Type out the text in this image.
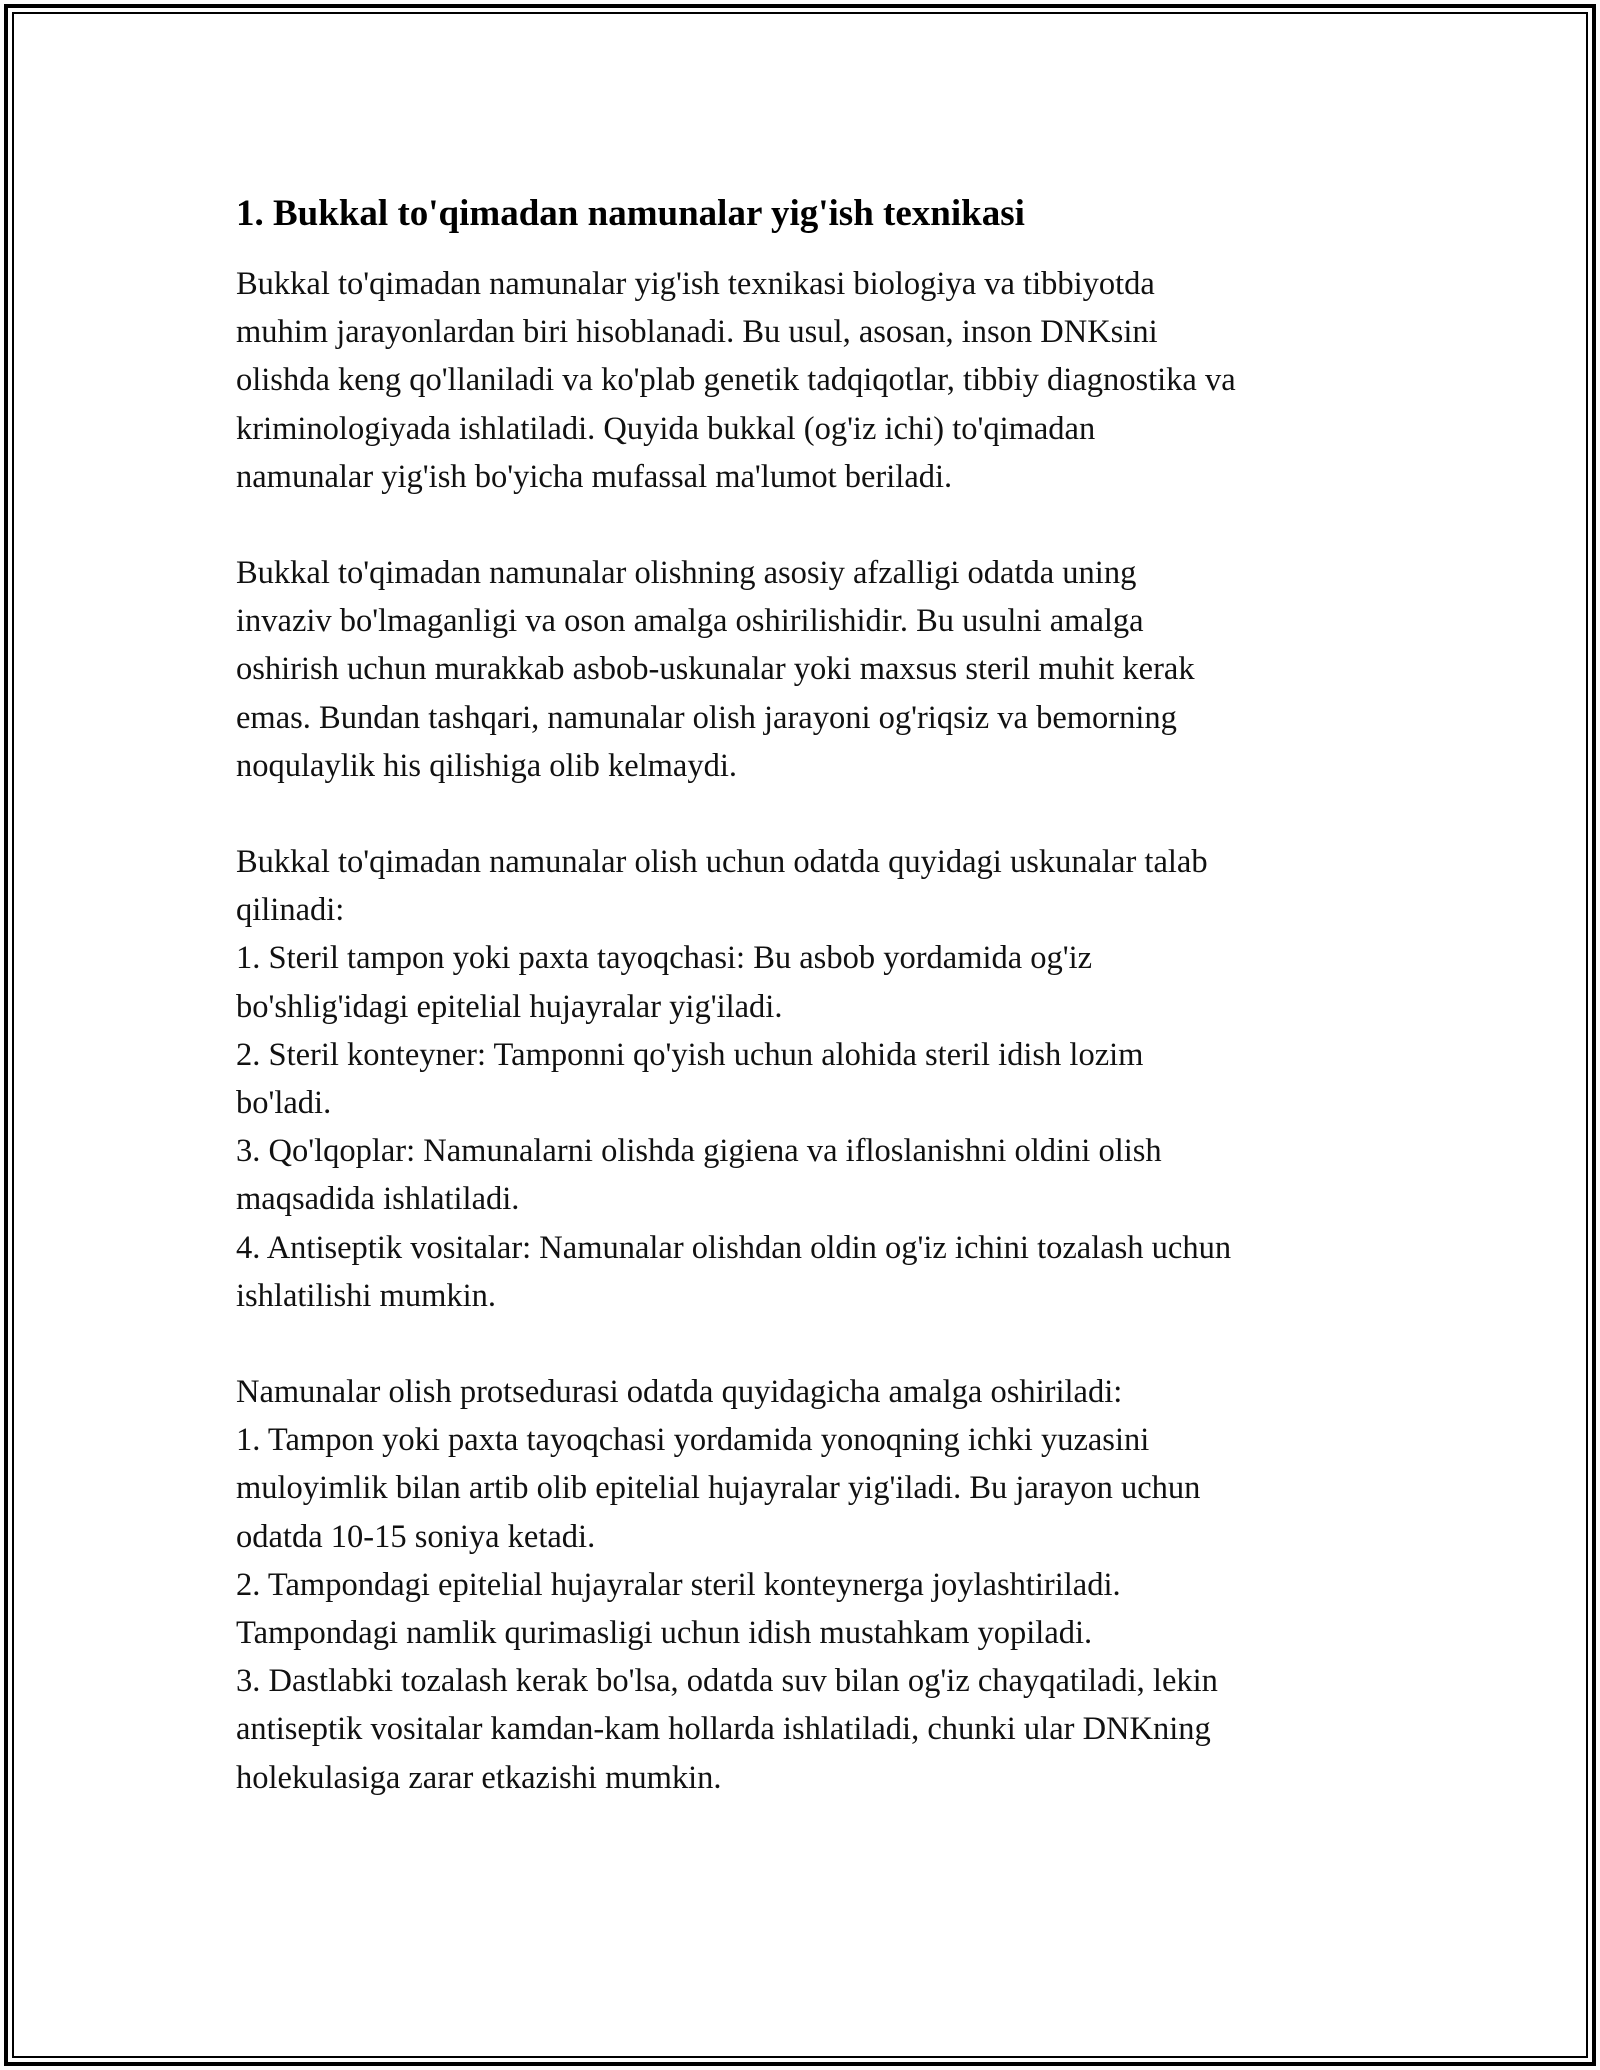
1. Bukkal to'qimadan namunalar yig'ish texnikasi
Bukkal to'qimadan namunalar yig'ish texnikasi biologiya va tibbiyotda
muhim jarayonlardan biri hisoblanadi. Bu usul, asosan, inson DNKsini
olishda keng qo'llaniladi va ko'plab genetik tadqiqotlar, tibbiy diagnostika va
kriminologiyada ishlatiladi. Quyida bukkal (og'iz ichi) to'qimadan
namunalar yig'ish bo'yicha mufassal ma'lumot beriladi.
Bukkal to'qimadan namunalar olishning asosiy afzalligi odatda uning
invaziv bo'lmaganligi va oson amalga oshirilishidir. Bu usulni amalga
oshirish uchun murakkab asbob-uskunalar yoki maxsus steril muhit kerak
emas. Bundan tashqari, namunalar olish jarayoni og'riqsiz va bemorning
noqulaylik his qilishiga olib kelmaydi.
Bukkal to'qimadan namunalar olish uchun odatda quyidagi uskunalar talab
qilinadi:
1. Steril tampon yoki paxta tayoqchasi: Bu asbob yordamida og'iz
bo'shlig'idagi epitelial hujayralar yig'iladi.
2. Steril konteyner: Tamponni qo'yish uchun alohida steril idish lozim
bo'ladi.
3. Qo'lqoplar: Namunalarni olishda gigiena va ifloslanishni oldini olish
maqsadida ishlatiladi.
4. Antiseptik vositalar: Namunalar olishdan oldin og'iz ichini tozalash uchun
ishlatilishi mumkin.
Namunalar olish protsedurasi odatda quyidagicha amalga oshiriladi:
1. Tampon yoki paxta tayoqchasi yordamida yonoqning ichki yuzasini
muloyimlik bilan artib olib epitelial hujayralar yig'iladi. Bu jarayon uchun
odatda 10-15 soniya ketadi.
2. Tampondagi epitelial hujayralar steril konteynerga joylashtiriladi.
Tampondagi namlik qurimasligi uchun idish mustahkam yopiladi.
3. Dastlabki tozalash kerak bo'lsa, odatda suv bilan og'iz chayqatiladi, lekin
antiseptik vositalar kamdan-kam hollarda ishlatiladi, chunki ular DNKning
holekulasiga zarar etkazishi mumkin.
